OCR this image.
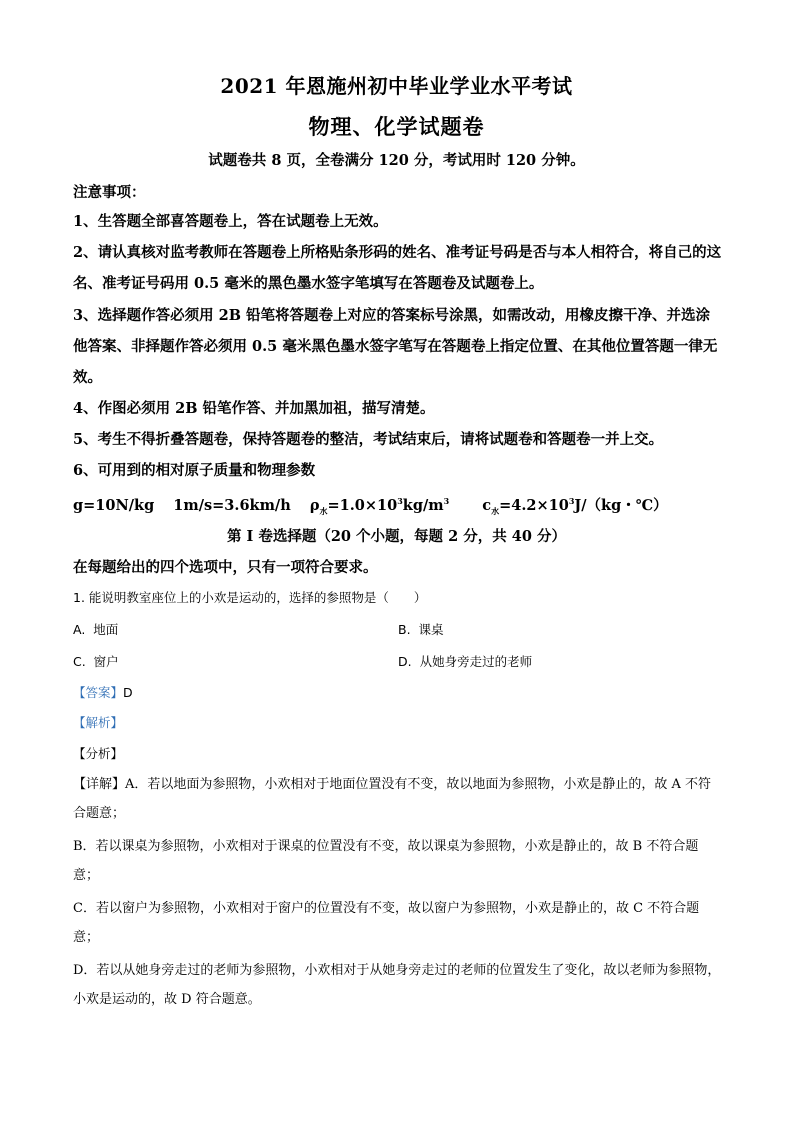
2021 年恩施州初中毕业学业水平考试
物理、化学试题卷
试题卷共 8 页，全卷满分 120 分，考试用时 120 分钟。
注意事项：
1、生答题全部喜答题卷上，答在试题卷上无效。
2、请认真核对监考教师在答题卷上所格贴条形码的姓名、准考证号码是否与本人相符合，将自己的这名、准考证号码用 0.5 毫米的黑色墨水签字笔填写在答题卷及试题卷上。
3、选择题作答必须用 2B 铅笔将答题卷上对应的答案标号涂黑，如需改动，用橡皮擦干净、并选涂他答案、非择题作答必须用 0.5 毫米黑色墨水签字笔写在答题卷上指定位置、在其他位置答题一律无效。
4、作图必须用 2B 铅笔作答、并加黑加祖，描写清楚。
5、考生不得折叠答题卷，保持答题卷的整洁，考试结束后，请将试题卷和答题卷一并上交。
6、可用到的相对原子质量和物理参数
g=10N/kg 1m/s=3.6km/h $\rho_水=1.0\times 10^3kg/m^3$ $c_水=4.2\times 10^3J/(kg$・℃）
第 I 卷选择题（20 个小题，每题 2 分，共 40 分）
在每题给出的四个选项中，只有一项符合要求。
1. 能说明教室座位上的小欢是运动的，选择的参照物是（　　）
A. 地面	B. 课桌
C. 窗户	D. 从她身旁走过的老师
【答案】D
【解析】
【分析】
【详解】A．若以地面为参照物，小欢相对于地面位置没有不变，故以地面为参照物，小欢是静止的，故 A 不符合题意；
B．若以课桌为参照物，小欢相对于课桌的位置没有不变，故以课桌为参照物，小欢是静止的，故 B 不符合题意；
C．若以窗户为参照物，小欢相对于窗户的位置没有不变，故以窗户为参照物，小欢是静止的，故 C 不符合题意；
D．若以从她身旁走过的老师为参照物，小欢相对于从她身旁走过的老师的位置发生了变化，故以老师为参照物，小欢是运动的，故 D 符合题意。
